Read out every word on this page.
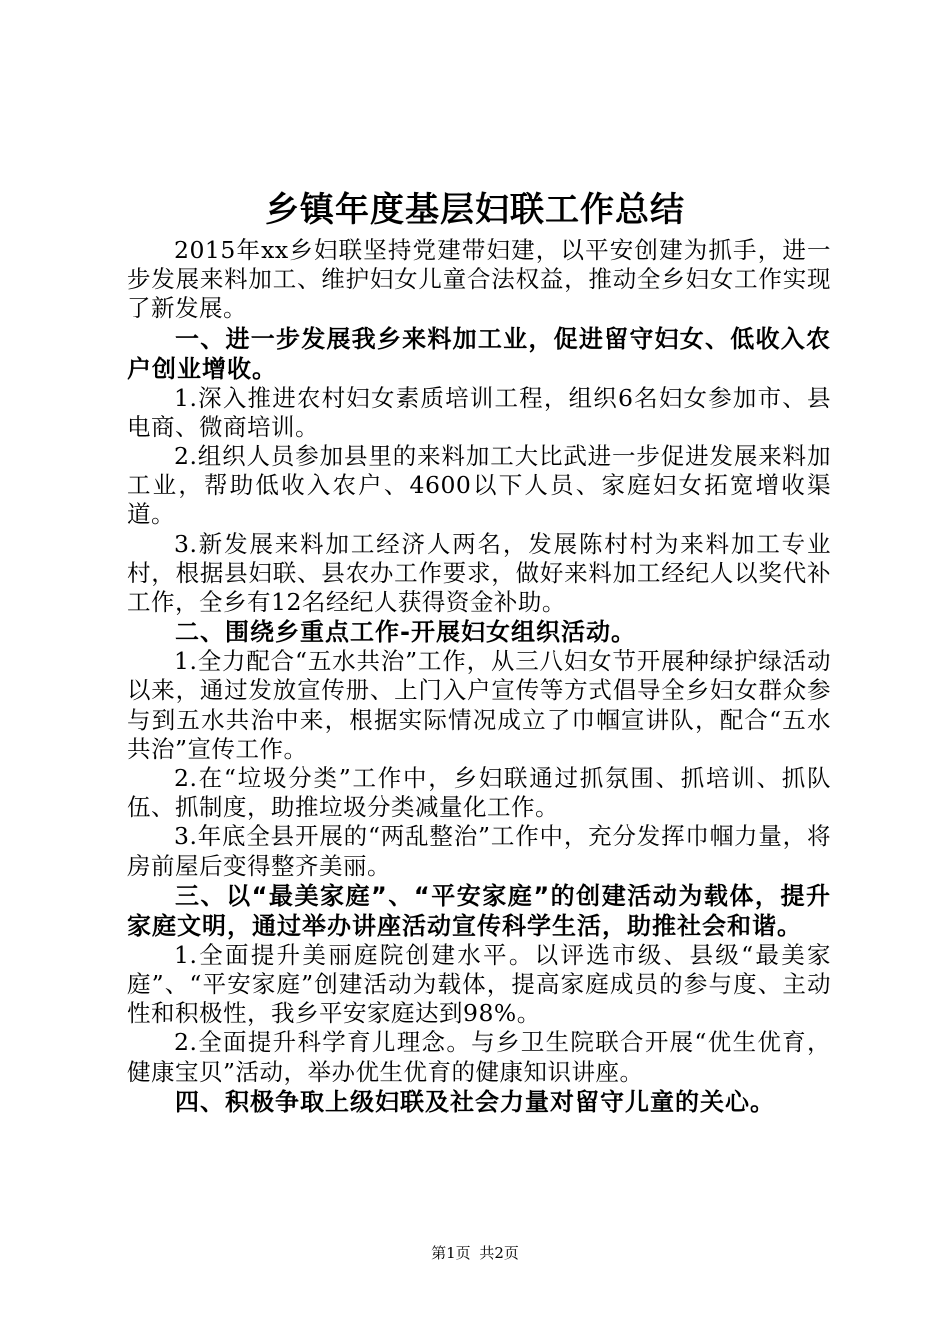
乡镇年度基层妇联工作总结

2015年xx乡妇联坚持党建带妇建，以平安创建为抓手，进一步发展来料加工、维护妇女儿童合法权益，推动全乡妇女工作实现了新发展。

一、进一步发展我乡来料加工业，促进留守妇女、低收入农户创业增收。

1.深入推进农村妇女素质培训工程，组织6名妇女参加市、县电商、微商培训。

2.组织人员参加县里的来料加工大比武进一步促进发展来料加工业，帮助低收入农户、4600以下人员、家庭妇女拓宽增收渠道。

3.新发展来料加工经济人两名，发展陈村村为来料加工专业村，根据县妇联、县农办工作要求，做好来料加工经纪人以奖代补工作，全乡有12名经纪人获得资金补助。

二、围绕乡重点工作-开展妇女组织活动。

1.全力配合“五水共治”工作，从三八妇女节开展种绿护绿活动以来，通过发放宣传册、上门入户宣传等方式倡导全乡妇女群众参与到五水共治中来，根据实际情况成立了巾帼宣讲队，配合“五水共治”宣传工作。

2.在“垃圾分类”工作中，乡妇联通过抓氛围、抓培训、抓队伍、抓制度，助推垃圾分类减量化工作。

3.年底全县开展的“两乱整治”工作中，充分发挥巾帼力量，将房前屋后变得整齐美丽。

三、以“最美家庭”、“平安家庭”的创建活动为载体，提升家庭文明，通过举办讲座活动宣传科学生活，助推社会和谐。

1.全面提升美丽庭院创建水平。以评选市级、县级“最美家庭”、“平安家庭”创建活动为载体，提高家庭成员的参与度、主动性和积极性，我乡平安家庭达到98%。

2.全面提升科学育儿理念。与乡卫生院联合开展“优生优育，健康宝贝”活动，举办优生优育的健康知识讲座。

四、积极争取上级妇联及社会力量对留守儿童的关心。

第1页 共2页
